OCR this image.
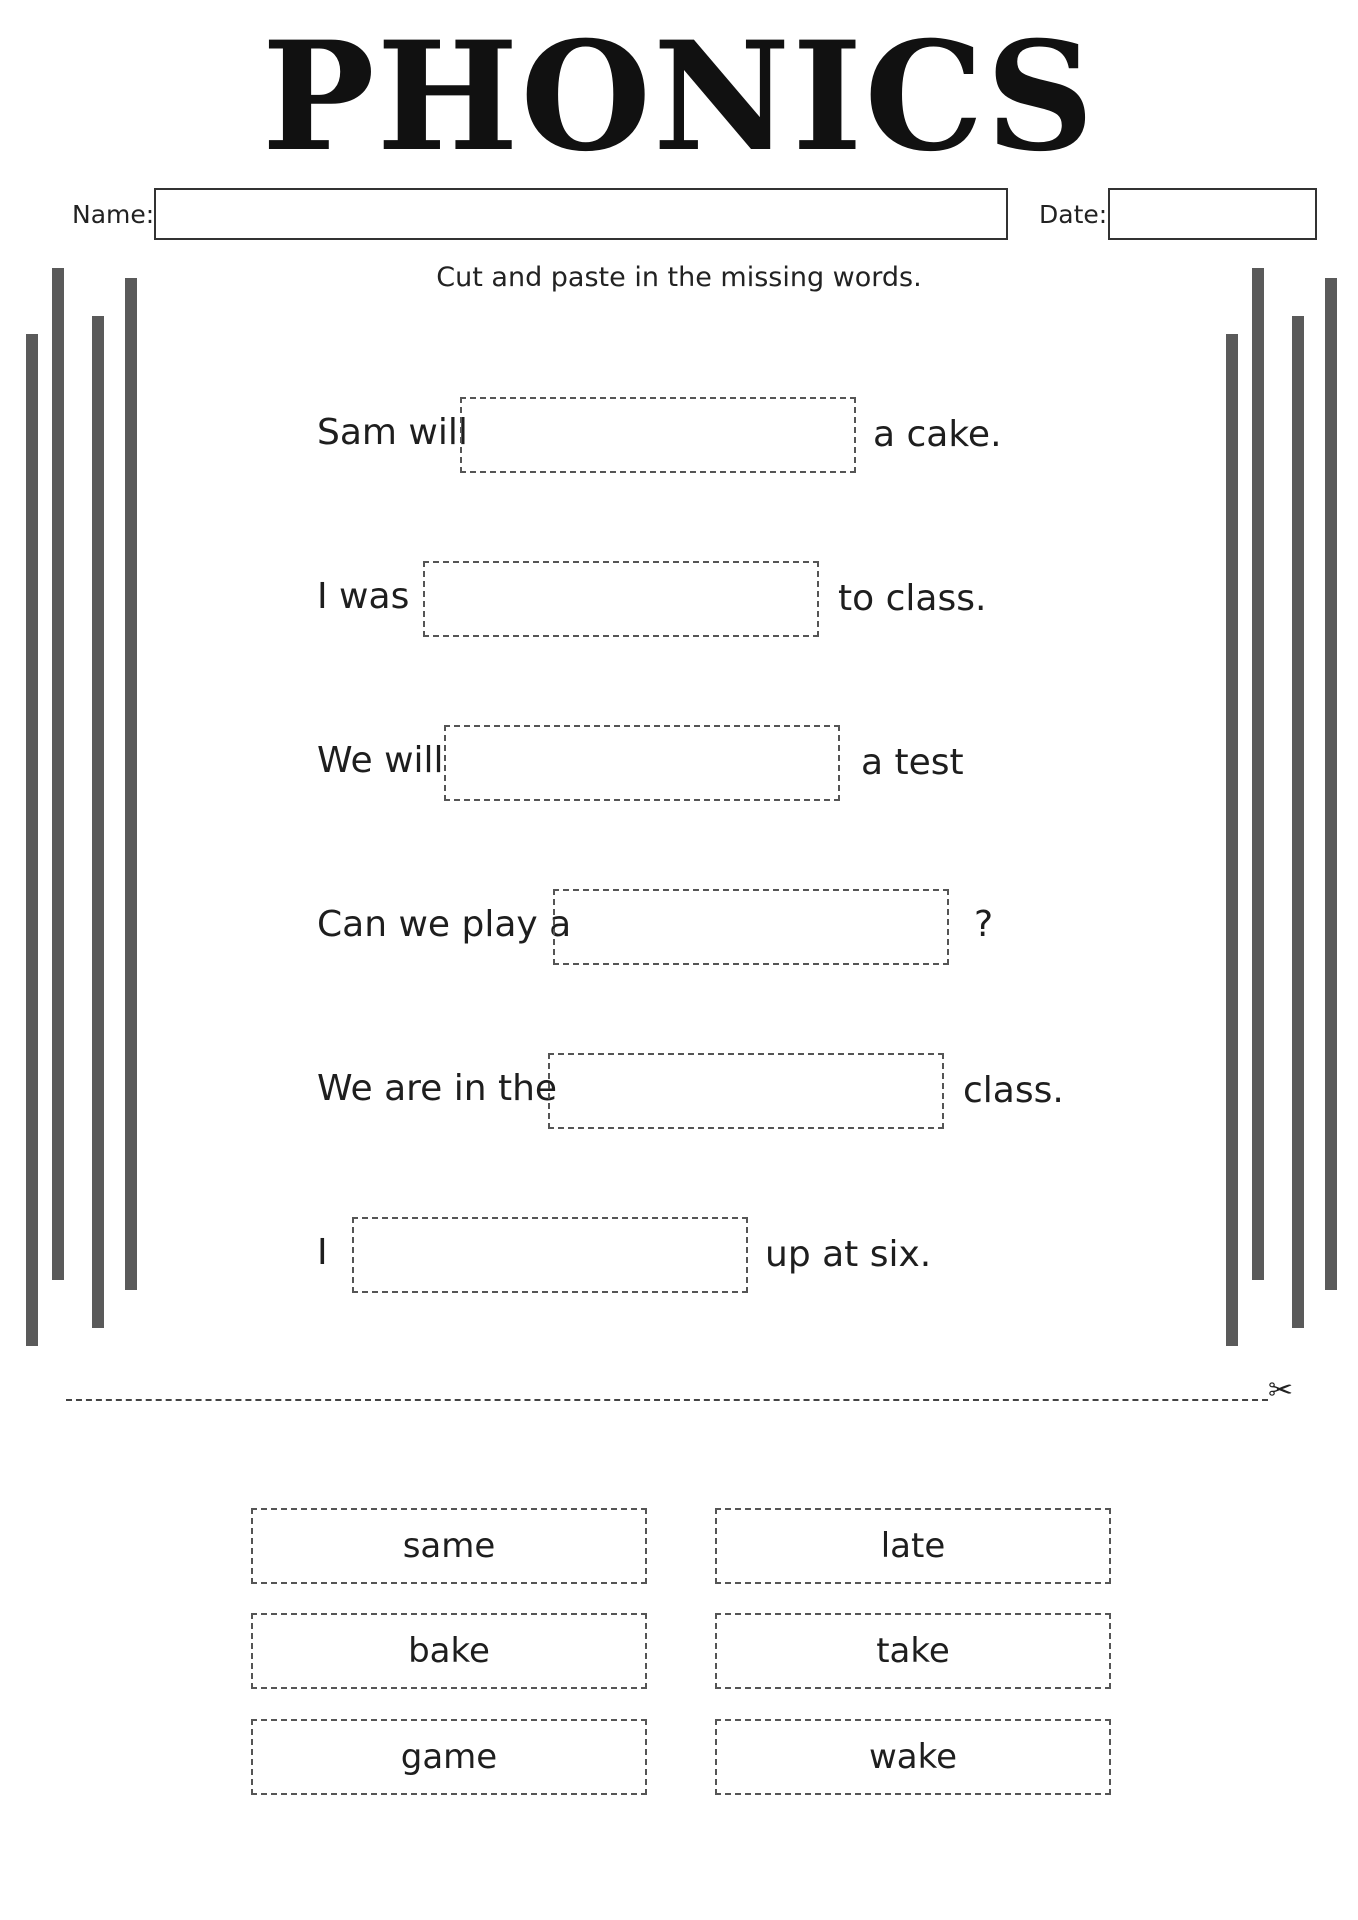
PHONICS
Name:	Date:
Cut and paste in the missing words.
Sam will	a cake.
I was	to class.
We will	a test
Can we play a	?
We are in the	class.
I	up at six.
✂
same	late
bake	take
game	wake
